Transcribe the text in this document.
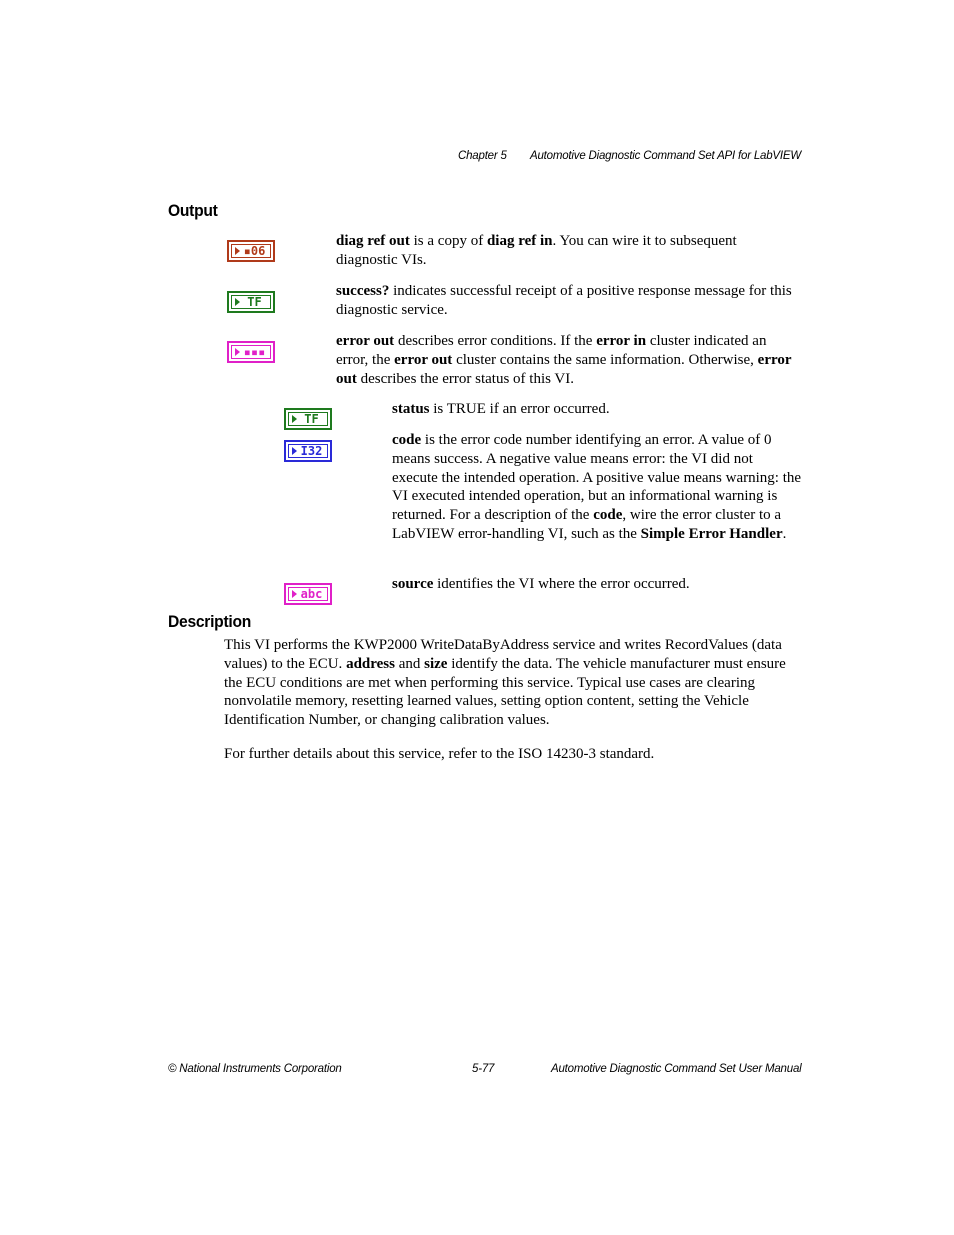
Chapter 5 Automotive Diagnostic Command Set API for LabVIEW
Output
▪06

diag ref out is a copy of diag ref in. You can wire it to subsequent diagnostic VIs.

TF

success? indicates successful receipt of a positive response message for this diagnostic service.

▪▪▪

error out describes error conditions. If the error in cluster indicated an error, the error out cluster contains the same information. Otherwise, error out describes the error status of this VI.

TF

status is TRUE if an error occurred.

I32

code is the error code number identifying an error. A value of 0 means success. A negative value means error: the VI did not execute the intended operation. A positive value means warning: the VI executed intended operation, but an informational warning is returned. For a description of the code, wire the error cluster to a LabVIEW error-handling VI, such as the Simple Error Handler.

abc

source identifies the VI where the error occurred.

Description

This VI performs the KWP2000 WriteDataByAddress service and writes RecordValues (data values) to the ECU. address and size identify the data. The vehicle manufacturer must ensure the ECU conditions are met when performing this service. Typical use cases are clearing nonvolatile memory, resetting learned values, setting option content, setting the Vehicle Identification Number, or changing calibration values.

For further details about this service, refer to the ISO 14230-3 standard.

© National Instruments Corporation	5-77	Automotive Diagnostic Command Set User Manual
